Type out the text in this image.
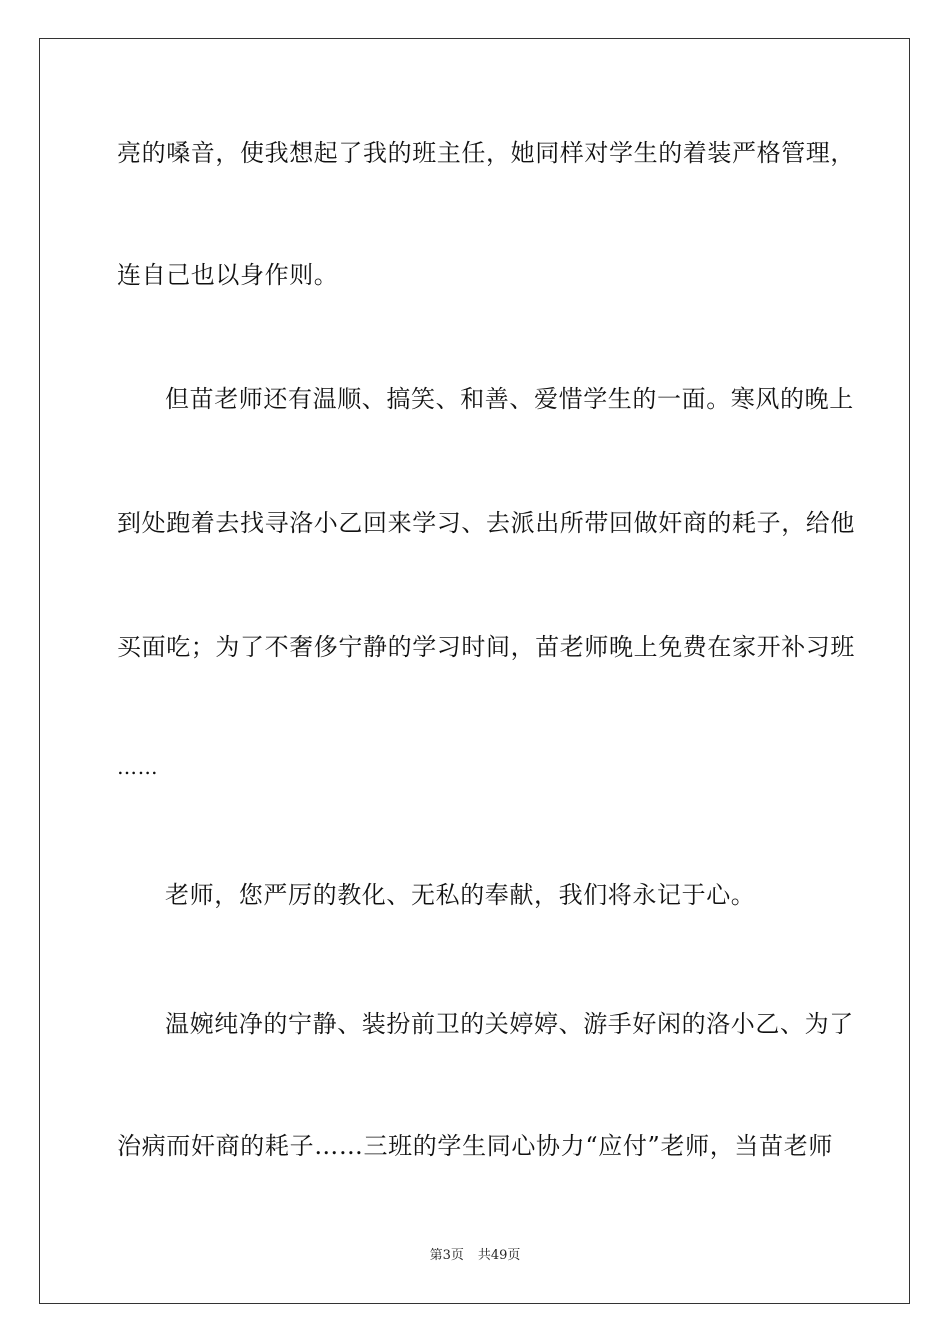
亮的嗓音，使我想起了我的班主任，她同样对学生的着装严格管理，
连自己也以身作则。
但苗老师还有温顺、搞笑、和善、爱惜学生的一面。寒风的晚上
到处跑着去找寻洛小乙回来学习、去派出所带回做奸商的耗子，给他
买面吃；为了不奢侈宁静的学习时间，苗老师晚上免费在家开补习班
……
老师，您严厉的教化、无私的奉献，我们将永记于心。
温婉纯净的宁静、装扮前卫的关婷婷、游手好闲的洛小乙、为了
治病而奸商的耗子……三班的学生同心协力“应付”老师，当苗老师
第3页 共49页
